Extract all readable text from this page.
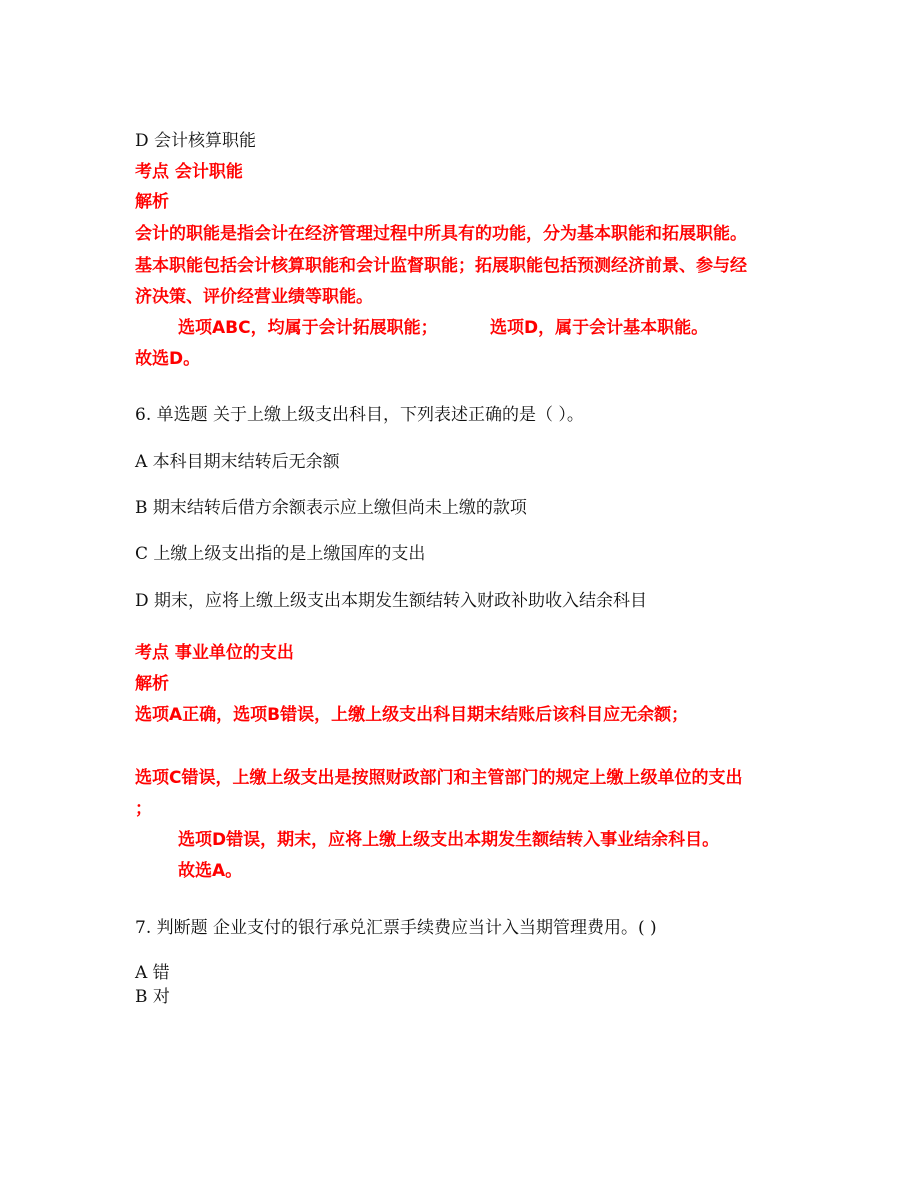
D 会计核算职能
考点 会计职能
解析
会计的职能是指会计在经济管理过程中所具有的功能，分为基本职能和拓展职能。
基本职能包括会计核算职能和会计监督职能；拓展职能包括预测经济前景、参与经
济决策、评价经营业绩等职能。
选项ABC，均属于会计拓展职能；	选项D，属于会计基本职能。
故选D。
6. 单选题 关于上缴上级支出科目，下列表述正确的是（ ）。
A 本科目期末结转后无余额
B 期末结转后借方余额表示应上缴但尚未上缴的款项
C 上缴上级支出指的是上缴国库的支出
D 期末，应将上缴上级支出本期发生额结转入财政补助收入结余科目
考点 事业单位的支出
解析
选项A正确，选项B错误，上缴上级支出科目期末结账后该科目应无余额；
选项C错误，上缴上级支出是按照财政部门和主管部门的规定上缴上级单位的支出
；
选项D错误，期末，应将上缴上级支出本期发生额结转入事业结余科目。
故选A。
7. 判断题 企业支付的银行承兑汇票手续费应当计入当期管理费用。( )
A 错
B 对
